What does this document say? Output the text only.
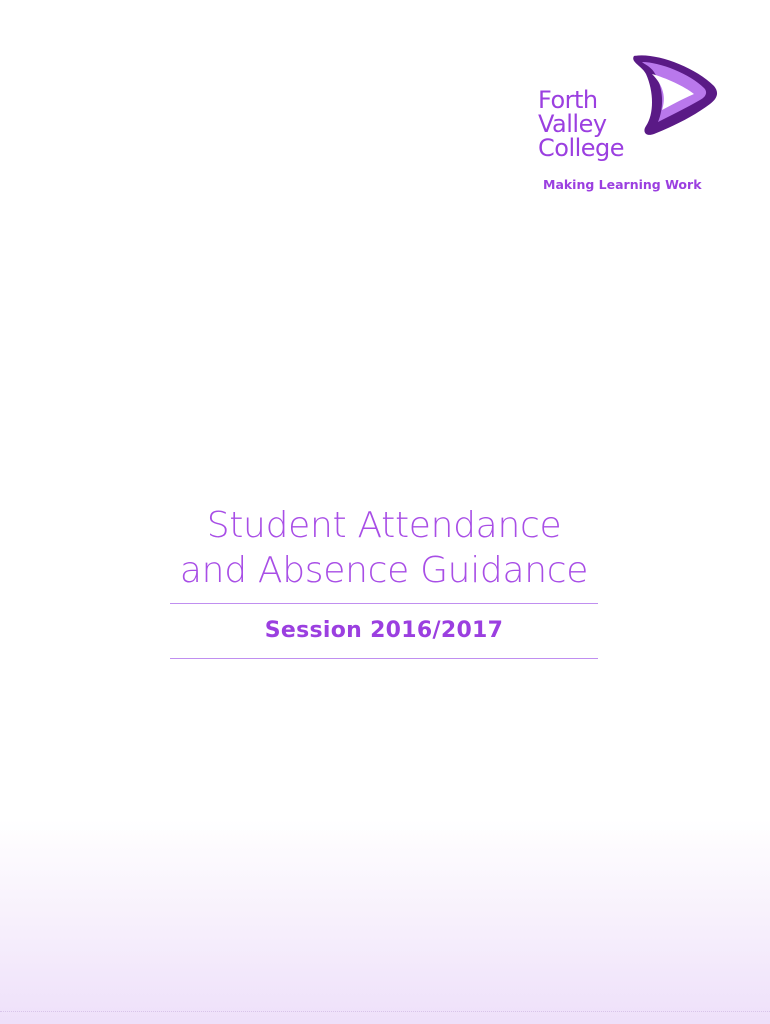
Forth
Valley
College
Making Learning Work
Student Attendance
and Absence Guidance
Session 2016/2017
